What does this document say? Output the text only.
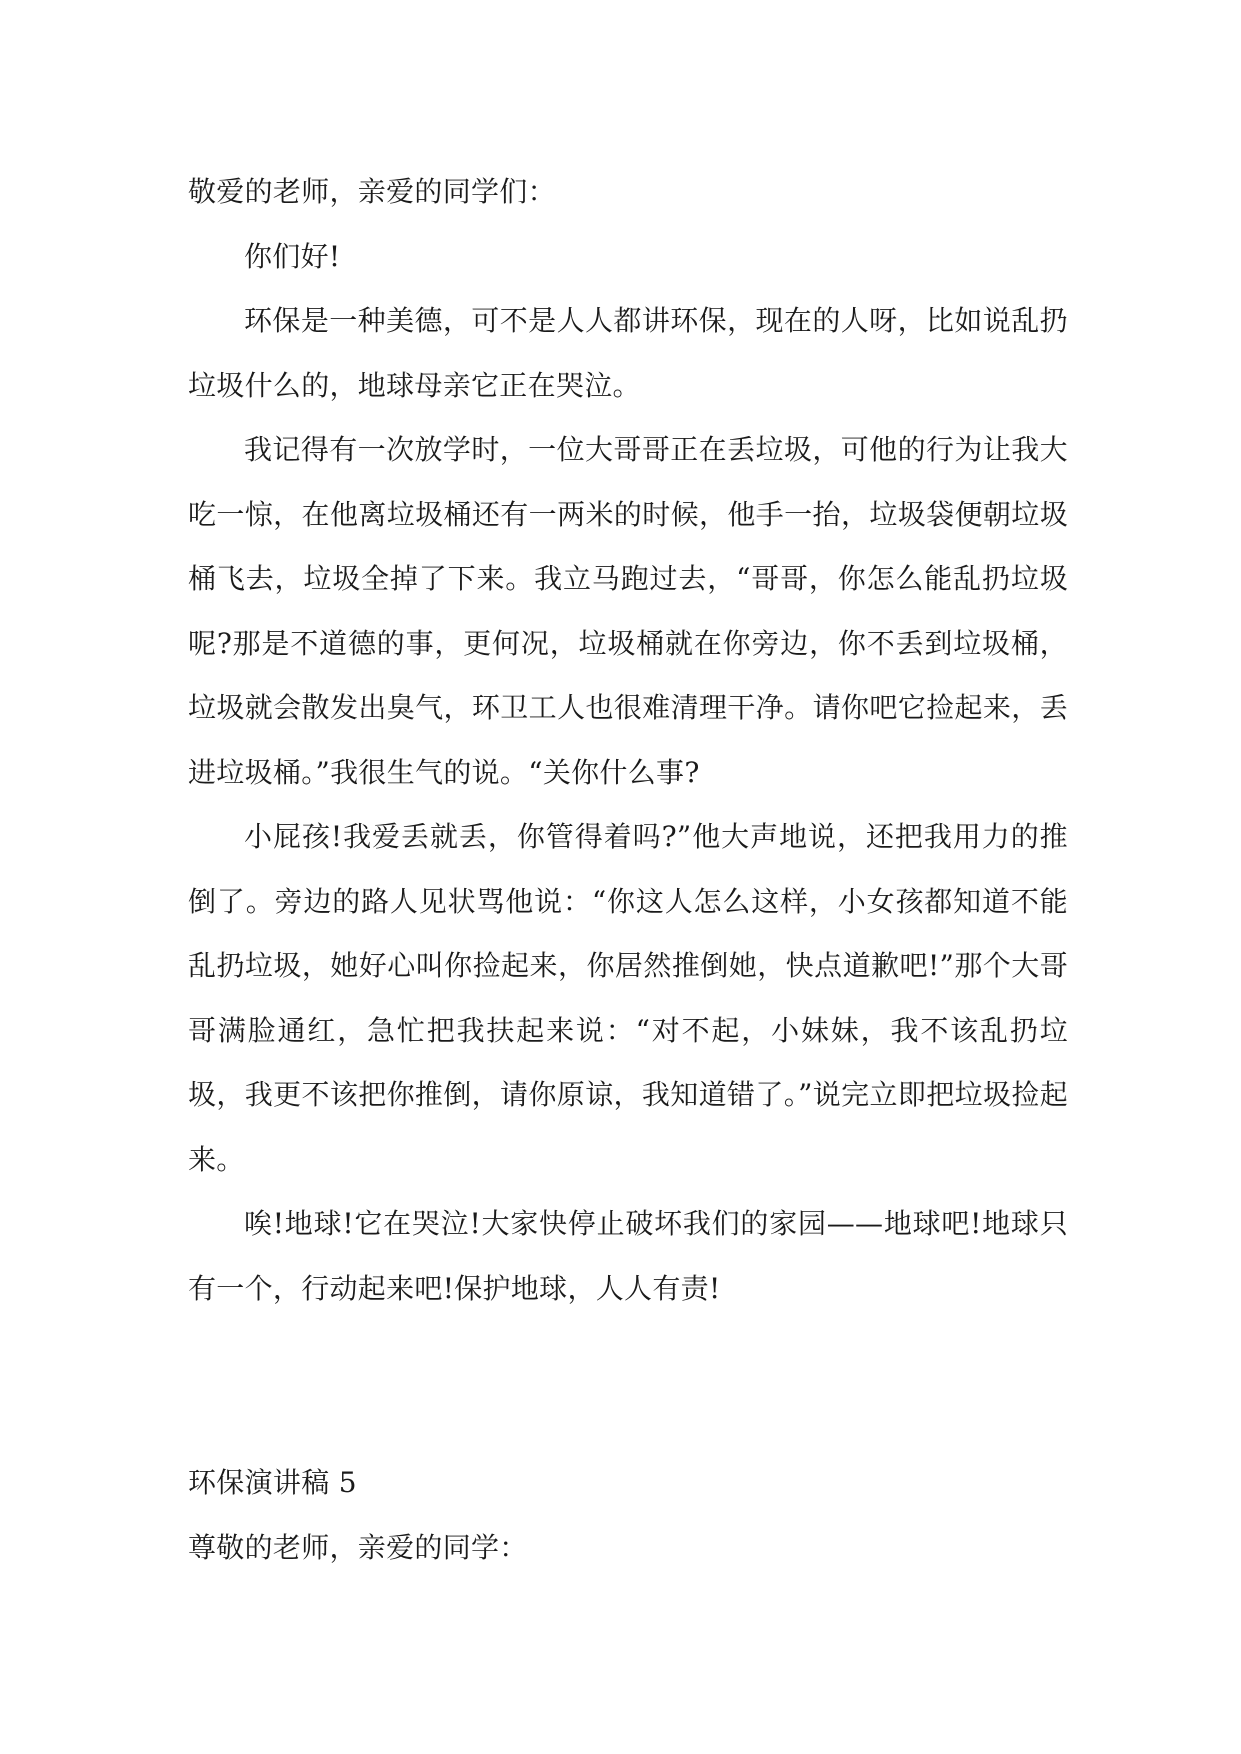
敬爱的老师，亲爱的同学们：

你们好!

环保是一种美德，可不是人人都讲环保，现在的人呀，比如说乱扔垃圾什么的，地球母亲它正在哭泣。

我记得有一次放学时，一位大哥哥正在丢垃圾，可他的行为让我大吃一惊，在他离垃圾桶还有一两米的时候，他手一抬，垃圾袋便朝垃圾桶飞去，垃圾全掉了下来。我立马跑过去，“哥哥，你怎么能乱扔垃圾呢?那是不道德的事，更何况，垃圾桶就在你旁边，你不丢到垃圾桶，垃圾就会散发出臭气，环卫工人也很难清理干净。请你吧它捡起来，丢进垃圾桶。”我很生气的说。“关你什么事?

小屁孩!我爱丢就丢，你管得着吗?”他大声地说，还把我用力的推倒了。旁边的路人见状骂他说：“你这人怎么这样，小女孩都知道不能乱扔垃圾，她好心叫你捡起来，你居然推倒她，快点道歉吧!”那个大哥哥满脸通红，急忙把我扶起来说：“对不起，小妹妹，我不该乱扔垃圾，我更不该把你推倒，请你原谅，我知道错了。”说完立即把垃圾捡起来。

唉!地球!它在哭泣!大家快停止破坏我们的家园——地球吧!地球只有一个，行动起来吧!保护地球，人人有责!

环保演讲稿 5

尊敬的老师，亲爱的同学：
